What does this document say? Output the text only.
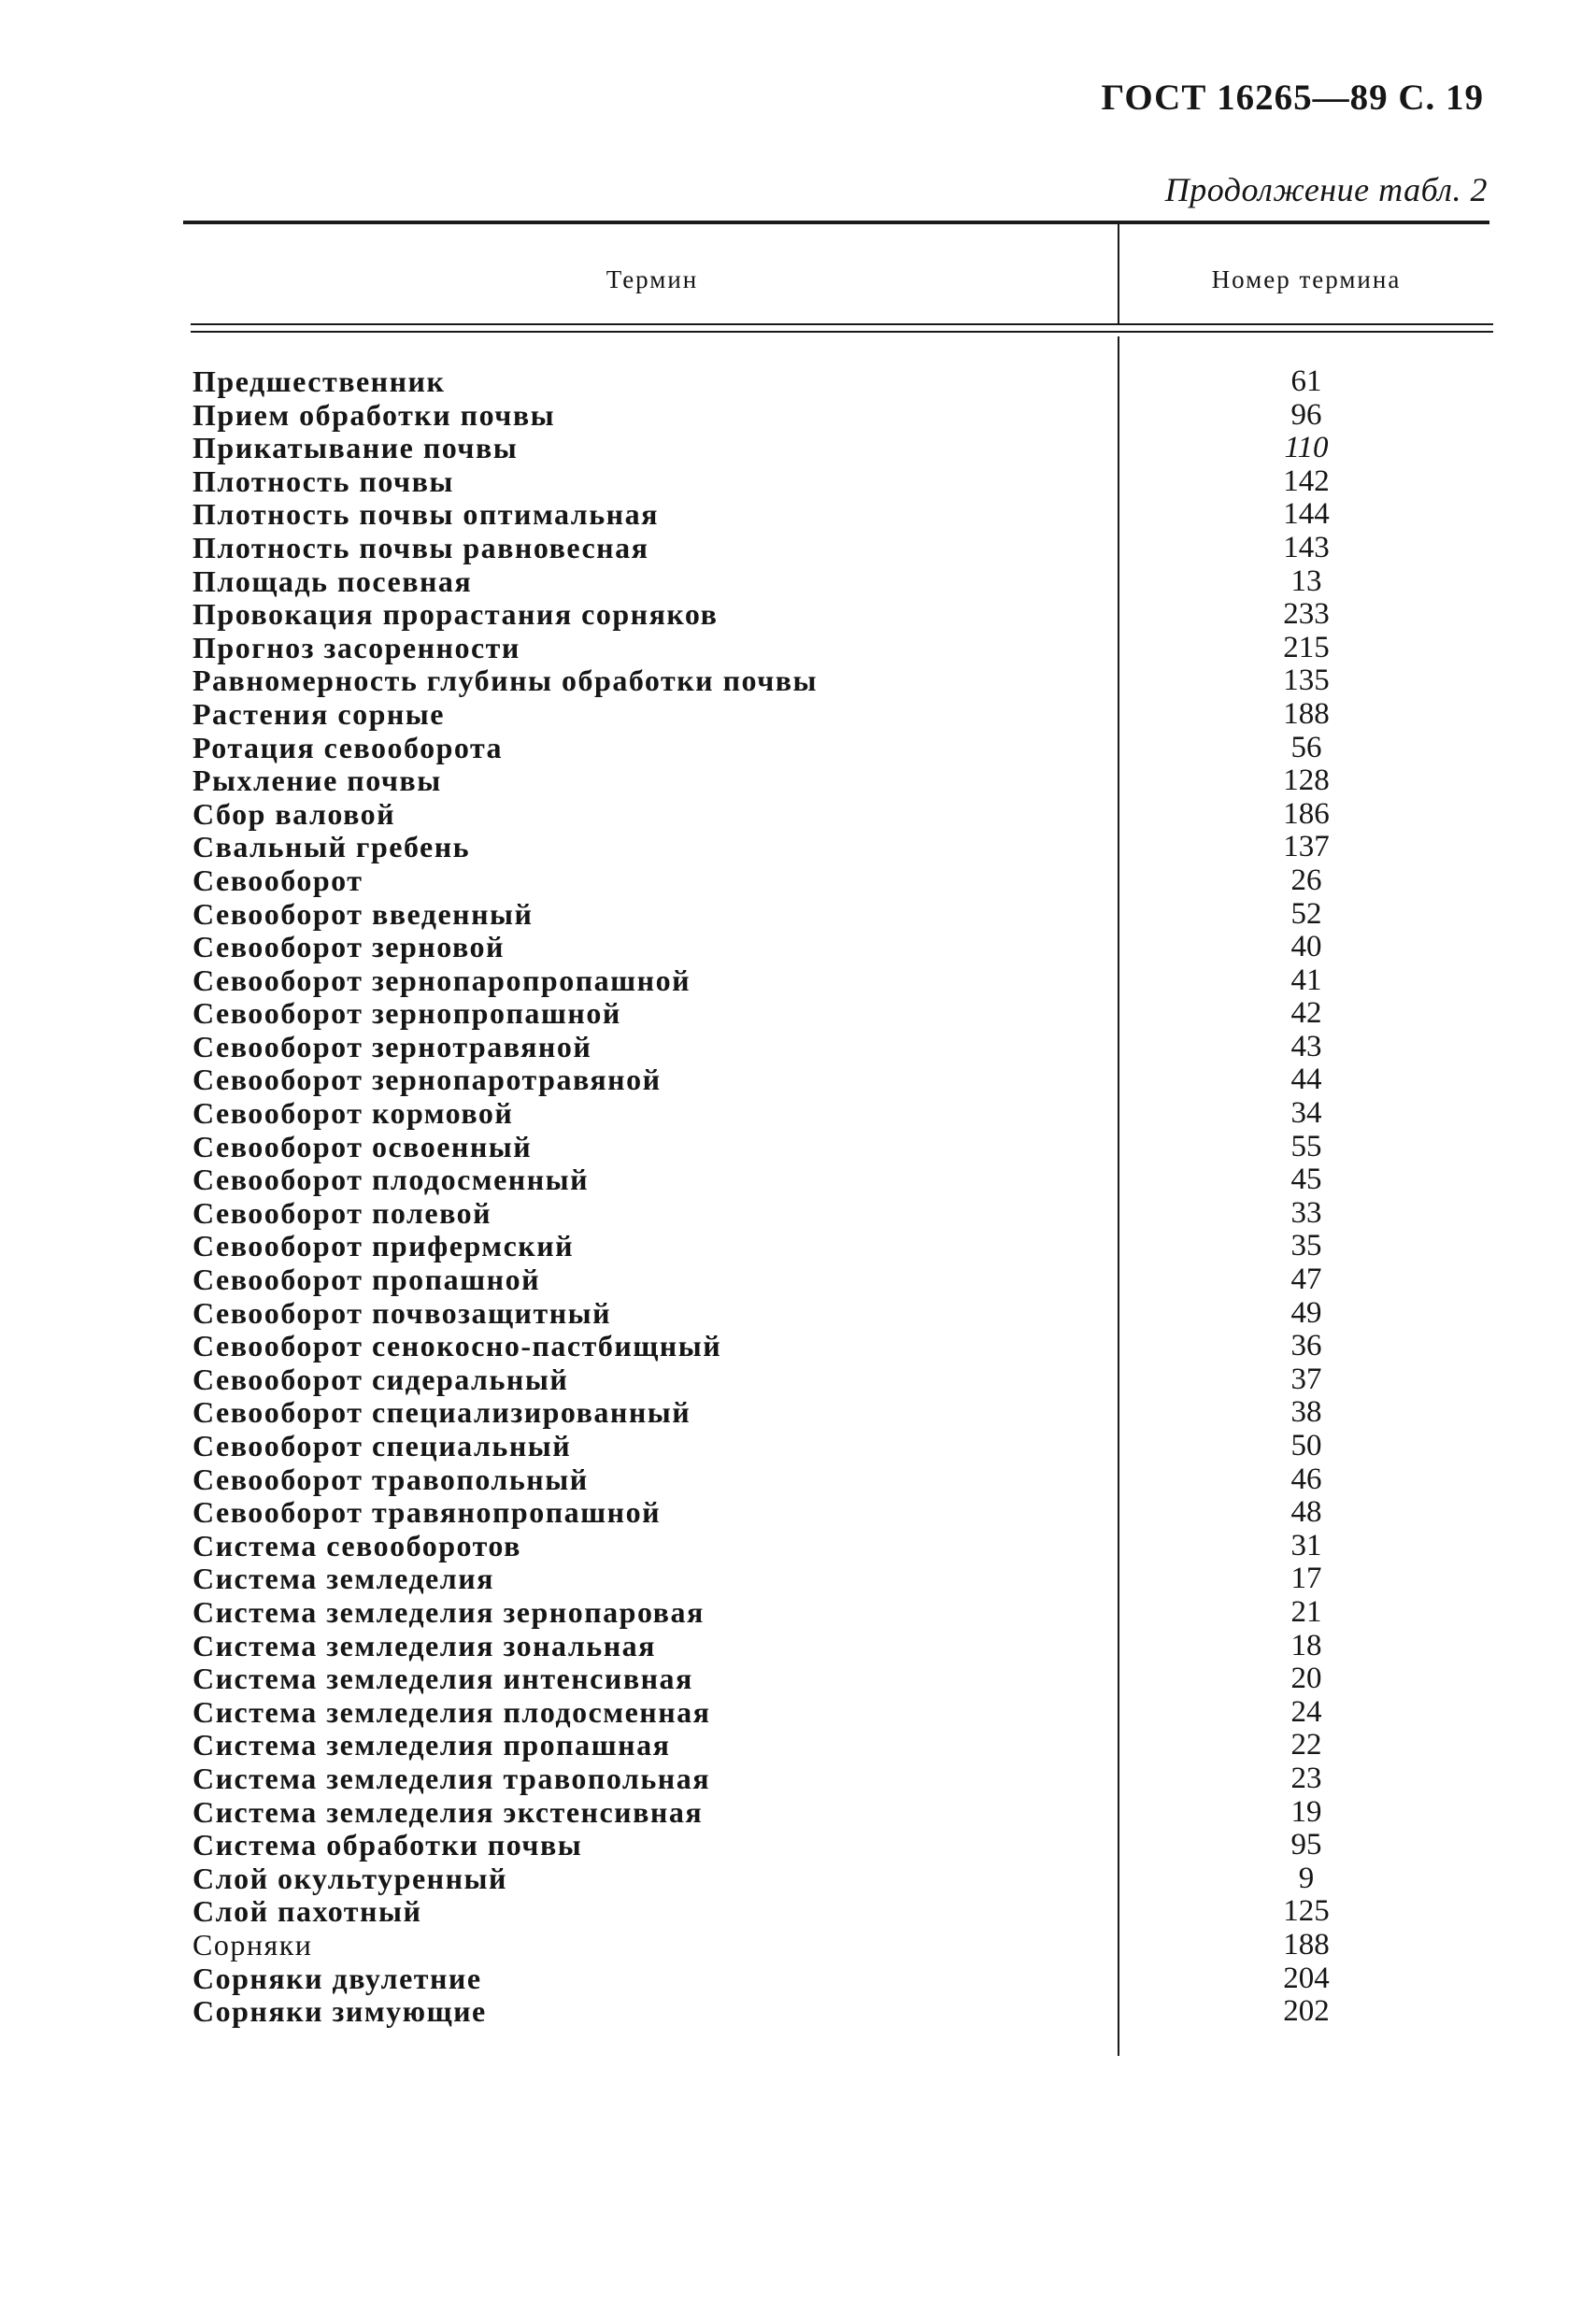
ГОСТ 16265—89 С. 19
Продолжение табл. 2
Термин	Номер термина
Предшественник	61
Прием обработки почвы	96
Прикатывание почвы	110
Плотность почвы	142
Плотность почвы оптимальная	144
Плотность почвы равновесная	143
Площадь посевная	13
Провокация прорастания сорняков	233
Прогноз засоренности	215
Равномерность глубины обработки почвы	135
Растения сорные	188
Ротация севооборота	56
Рыхление почвы	128
Сбор валовой	186
Свальный гребень	137
Севооборот	26
Севооборот введенный	52
Севооборот зерновой	40
Севооборот зернопаропропашной	41
Севооборот зернопропашной	42
Севооборот зернотравяной	43
Севооборот зернопаротравяной	44
Севооборот кормовой	34
Севооборот освоенный	55
Севооборот плодосменный	45
Севооборот полевой	33
Севооборот прифермский	35
Севооборот пропашной	47
Севооборот почвозащитный	49
Севооборот сенокосно-пастбищный	36
Севооборот сидеральный	37
Севооборот специализированный	38
Севооборот специальный	50
Севооборот травопольный	46
Севооборот травянопропашной	48
Система севооборотов	31
Система земледелия	17
Система земледелия зернопаровая	21
Система земледелия зональная	18
Система земледелия интенсивная	20
Система земледелия плодосменная	24
Система земледелия пропашная	22
Система земледелия травопольная	23
Система земледелия экстенсивная	19
Система обработки почвы	95
Слой окультуренный	9
Слой пахотный	125
Сорняки	188
Сорняки двулетние	204
Сорняки зимующие	202
